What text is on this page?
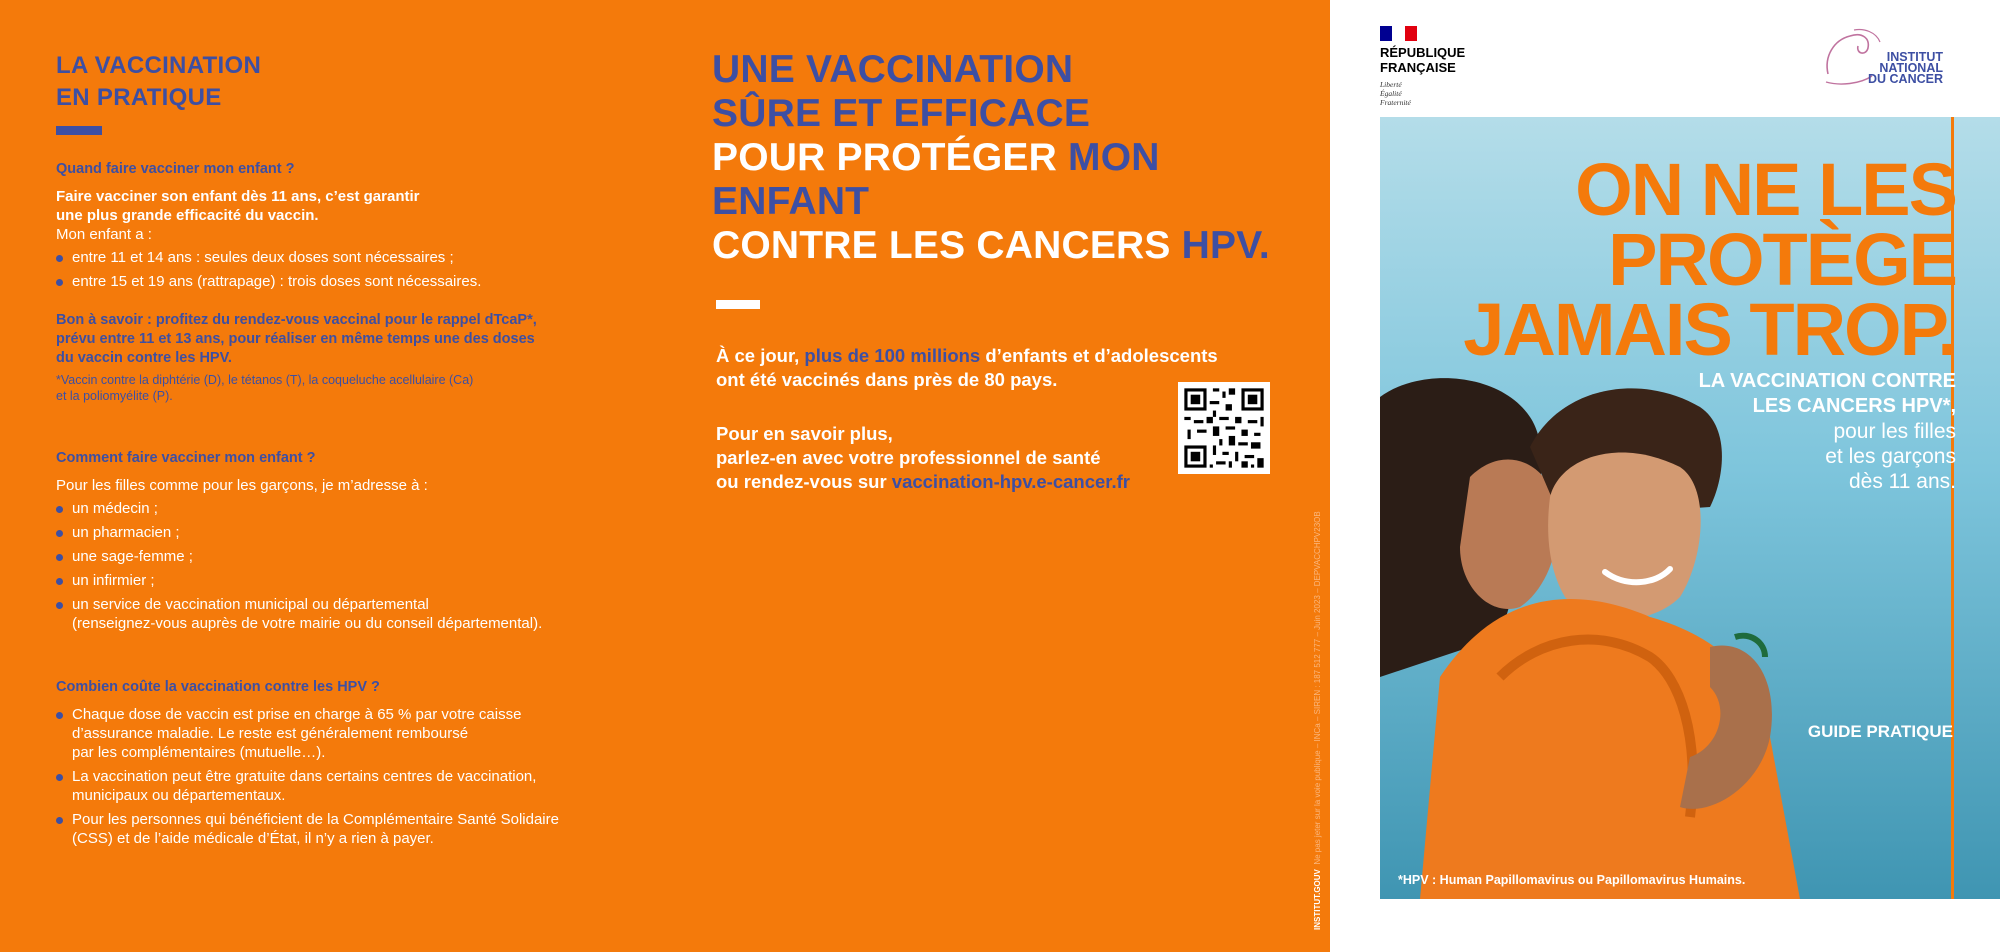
LA VACCINATION
EN PRATIQUE

Quand faire vacciner mon enfant ?

Faire vacciner son enfant dès 11 ans, c’est garantir
une plus grande efficacité du vaccin.

Mon enfant a :

entre 11 et 14 ans : seules deux doses sont nécessaires ;
entre 15 et 19 ans (rattrapage) : trois doses sont nécessaires.

Bon à savoir : profitez du rendez-vous vaccinal pour le rappel dTcaP*,
prévu entre 11 et 13 ans, pour réaliser en même temps une des doses
du vaccin contre les HPV.

*Vaccin contre la diphtérie (D), le tétanos (T), la coqueluche acellulaire (Ca)
et la poliomyélite (P).

Comment faire vacciner mon enfant ?

Pour les filles comme pour les garçons, je m’adresse à :

un médecin ;
un pharmacien ;
une sage-femme ;
un infirmier ;
un service de vaccination municipal ou départemental
(renseignez-vous auprès de votre mairie ou du conseil départemental).

Combien coûte la vaccination contre les HPV ?

Chaque dose de vaccin est prise en charge à 65 % par votre caisse
d’assurance maladie. Le reste est généralement remboursé
par les complémentaires (mutuelle…).
La vaccination peut être gratuite dans certains centres de vaccination,
municipaux ou départementaux.
Pour les personnes qui bénéficient de la Complémentaire Santé Solidaire
(CSS) et de l’aide médicale d’État, il n’y a rien à payer.

UNE VACCINATION
SÛRE ET EFFICACE
POUR PROTÉGER MON ENFANT
CONTRE LES CANCERS HPV.

À ce jour, plus de 100 millions d’enfants et d’adolescents
ont été vaccinés dans près de 80 pays.

Pour en savoir plus,
parlez-en avec votre professionnel de santé
ou rendez-vous sur vaccination-hpv.e-cancer.fr

INSTITUT.GOUV  Ne pas jeter sur la voie publique – INCa – SIREN : 187 512 777 – Juin 2023 – DEPVACCHPV23OB

RÉPUBLIQUE
FRANÇAISE

Liberté
Égalité
Fraternité
INSTITUT
NATIONAL
DU CANCER

ON NE LES
PROTÈGE
JAMAIS TROP.

LA VACCINATION CONTRE
LES CANCERS HPV*,
pour les filles
et les garçons
dès 11 ans.
GUIDE PRATIQUE
*HPV : Human Papillomavirus ou Papillomavirus Humains.
